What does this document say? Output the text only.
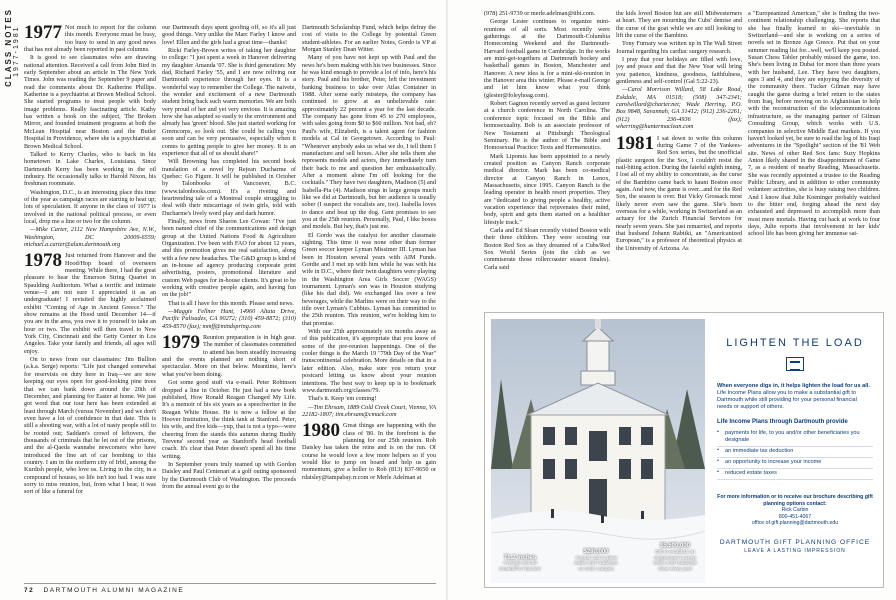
CLASS NOTES 1977-1981 1977 Not much to report for the column this month. Everyone must be busy, too busy to send in any good news that has not already been reported in past columns.

It is good to see classmates who are drawing national attention. Received a call from John Bird in early September about an article in The New York Times. John was reading the September 9 paper and read the comments about Dr. Katherine Phillips. Katherine is a psychiatrist at Brown Medical School. She started programs to treat people with body image problems. Really fascinating article. Kathy has written a book on the subject, The Broken Mirror, and founded treatment programs at both the McLean Hospital near Boston and the Butler Hospital in Providence, where she is a psychiatrist at Brown Medical School.

Talked to Kerry Charles, who is back in his hometown in Lake Charles, Louisiana. Since Dartmouth Kerry has been working in the oil industry. He occasionally talks to Harold Nixon, his freshman roommate.

Washington, D.C., is an interesting place this time of the year as campaign races are starting to heat up; lots of speculation. If anyone in the class of 1977 is involved in the national political process, or even local, drop me a line or two for the column.

—Mike Carter, 2112 New Hampshire Ave, N.W., Washington, DC 20009-6559; michael.a.carter@alum.dartmouth.org

1978 Just returned from Hanover and the Hood/Hop board of overseers meeting. While there, I had the great pleasure to hear the Emerson String Quartet in Spaulding Auditorium. What a terrific and intimate venue—I am not sure I appreciated it as an undergraduate! I revisited the highly acclaimed exhibit "Coming of Age in Ancient Greece." The show remains at the Hood until December 14—if you are in the area, you owe it to yourself to take an hour or two. The exhibit will then travel to New York City, Cincinnati and the Getty Center in Los Angeles. Take your family and friends, all ages will enjoy.

On to news from our classmates: Jim Bullion (a.k.a. Serge) reports: "Life just changed somewhat for reservists on duty here in Iraq—we are now keeping our eyes open for good-looking pine trees that we can bank down around the 20th of December, and planning for Easter at home. We just got word that our tour here has been extended at least through March (versus November) and we don't even have a lot of confidence in that date. This is still a shooting war, with a lot of nasty people still to be rooted out; Saddam's crowd of leftovers, the thousands of criminals that he let out of the prisons, and the al-Qaeda wannabe newcomers who have introduced the fine art of car bombing to this country. I am in the northern city of Irbil, among the Kurdish people, who love us. Living in the city, in a compound of houses, so life isn't too bad. I was sure sorry to miss reunion, but, from what I hear, it was sort of like a funeral for

our Dartmouth days spent goofing off, so it's all just good things. Very unlike the Marc Farley I know and love! Ellen and the girls had a great time—thanks!

Ricki Farley-Brown writes of taking her daughter to college: "I just spent a week in Hanover delivering my daughter Amanda '07. She is third generation: My dad, Richard Farley '55, and I are now reliving our Dartmouth experience through her eyes. It is a wonderful way to remember the College. The naivete, the wonder and excitement of a new Dartmouth student bring back such warm memories. We are both very proud of her and yet very envious. It is amazing how she has adapted so easily to the environment and already has 'green' blood. She just started working for Greencorps, so look out. She could be calling you soon and can be very persuasive, especially when it comes to getting people to give her money. It is an experience that all of us should share!"

Will Browning has completed his second book translation of a novel by Rejean Ducharme of Quebec: Go Figure. It will be published in October by Talonbooks of Vancouver, B.C. (www.talonbooks.com). It's a riveting and heartrending tale of a Montreal couple struggling to deal with their miscarriage of twin girls, told with Ducharme's lively word play and dark humor.

Finally, news from Sharon Lee Cowan: "I've just been named chief of the communications and design group at the United Nations Food & Agriculture Organization. I've been with FAO for about 12 years, and this promotion gives me real satisfaction, along with a few new headaches. The G&D group is kind of an in-house ad agency producing corporate print advertising, posters, promotional literature and custom Web pages for in-house clients. It's great to be working with creative people again, and having fun on the job!"

That is all I have for this month. Please send news.

—Maggie Fellner Hunt, 14960 Altata Drive, Pacific Palisades, CA 90272; (310) 459-8872; (310) 459-8570 (fax); mmff@mindspring.com

1979 Reunion preparation is in high gear. The number of classmates committed to attend has been steadily increasing and the events planned are nothing short of spectacular. More on that below. Meantime, here's what you've been doing.

Got some good stuff via e-mail. Peter Robinson dropped a line in October. He just had a new book published, How Ronald Reagan Changed My Life. It's a memoir of his six years as a speechwriter in the Reagan White House. He is now a fellow at the Hoover Institution, the think tank at Stanford. Peter, his wife, and five kids—yup, that is not a typo—were cheering from the stands this autumn during Buddy Teevens' second year as Stanford's head football coach. It's clear that Peter doesn't spend all his time writing.

In September yours truly teamed up with Gordon Daisley and Paul Centenari at a golf outing sponsored by the Dartmouth Club of Washington. The proceeds from the annual event go to the

Dartmouth Scholarship Fund, which helps defray the cost of visits to the College by potential Green student-athletes. For an earlier Notes, Gordo is VP at Morgan Stanley Dean Witter.

Many of you have not kept up with Paul and the news he's been making with his two businesses. Since he was kind enough to provide a lot of info, here's his story. Paul and his brother, Peter, left the investment banking business to take over Atlas Container in 1988. After some early missteps, the company has continued to grow at an unbelievable rate: approximately 22 percent a year for the last decade. The company has gone from 45 to 270 employees, with sales going from $0 to $60 million. Not bad, eh? Paul's wife, Elizabeth, is a talent agent for fashion models at Cal in Georgetown. According to Paul: "Whenever anybody asks us what we do, I tell them I manufacture and sell boxes. After she tells them she represents models and actors, they immediately turn their back to me and question her enthusiastically. After a moment alone I'm off looking for the cocktails." They have two daughters, Madison (5) and Isabella-Pia (4). Madison sings in large groups much like we did at Dartmouth, but her audience is usually sober (I suspect the vocalists are, too). Isabella loves to dance and beat up the dog. Gent promises to see you at the 25th reunion. Personally, Paul, I like boxes and models. But hey, that's just me.

El Gordo was the catalyst for another classmate sighting. This time it was none other than former Green soccer keeper Lyman Missimer III. Lyman has been in Houston several years with AIM Funds. Gordie and I met up with him while he was with his wife in D.C., where their twin daughters were playing in the Washington Area Girls Soccer (WAGS) tournament. Lyman's son was in Houston studying (like his dad did). We exchanged lies over a few beverages, while the Marlins were on their way to the title over Lyman's Cubbies. Lyman has committed to the 25th reunion. This reunion, we're holding him to that promise.

With our 25th approximately six months away as of this publication, it's appropriate that you know of some of the pre-reunion happenings. One of the cooler things is the March 19 "79th Day of the Year" transcontinental celebration. More details on that in a later edition. Also, make sure you return your postcard letting us know about your reunion intentions. The best way to keep up is to bookmark www.dartmouth.org/classes/79.

That's it. Keep 'em coming!

—Tim Ehrsam, 1889 Cold Creek Court, Vienna, VA 22182-1807; tim.ehrsam@cmuck.com

1980 Great things are happening with the class of '80. In the forefront is the planning for our 25th reunion. Rob Daisley has taken the reins and is on the run. Of course he would love a few more helpers so if you would like to jump on board and help us gain momentum, give a holler to Rob (813) 837-9650 or rdaisley@tampabay.rr.com or Merle Adelman at

72 DARTMOUTH ALUMNI MAGAZINE

(978) 251-9739 or merle.adelman@ttbi.com.

George Lester continues to organize mini-reunions of all sorts. Most recently were gatherings at the Dartmouth-Columbia Homecoming Weekend and the Dartmouth-Harvard football game in Cambridge. In the works are mini-get-togethers at Dartmouth hockey and basketball games in Boston, Manchester and Hanover. A new idea is for a mini-ski-reunion in the Hanover area this winter. Please e-mail George and let him know what you think (glester@foleyhoag.com).

Robert Gagnon recently served as guest lecturer at a church conference in North Carolina. The conference topic focused on the Bible and homosexuality. Bob is an associate professor of New Testament at Pittsburgh Theological Seminary. He is the author of The Bible and Homosexual Practice: Texts and Hermeneutics.

Mark Lipomis has been appointed to a newly created position as Canyon Ranch corporate medical director. Mark has been co-medical director at Canyon Ranch in Lenox, Massachusetts, since 1995. Canyon Ranch is the leading operator in health resort properties. They are "dedicated to giving people a healthy, active vacation experience that rejuvenates their mind, body, spirit and gets them started on a healthier lifestyle track."

Carla and Ed Sloan recently visited Boston with their three children. They were scouting our Boston Red Sox as they dreamed of a Cubs/Red Sox World Series (join the club as we commiserate those rollercoaster season finales). Carla said

the kids loved Boston but are still Midwesterners at heart. They are mourning the Cubs' demise and the curse of the goat while we are still looking to lift the curse of the Bambino.

Tony Furnary was written up in The Wall Street Journal regarding his cardiac surgery research.

I pray that your holidays are filled with love, joy and peace and that the New Year will bring you patience, kindness, goodness, faithfulness, gentleness and self-control (Gal 5:22-23).

—Carol Morrison Willard, 58 Lake Road, Eskdale, MA 01518; (508) 347-2341; carolwillard@charter.net; Wade Herring, P.O. Box 9848, Savannah, GA 31412; (912) 236-2261; (912) 236-4936 (fax); wherring@huntermaclean.com

1981 I sat down to write this column during Game 7 of the Yankees-Red Sox series, but the unofficial plastic surgeon for the Sox, I couldn't resist the nail-biting action. During the fateful eighth inning, I lost all of my ability to concentrate, as the curse of the Bambino came back to haunt Boston once again. And now, the game is over...and for the Red Sox, the season is over. But Vicky Grossack most likely never even saw the game. She's been overseas for a while, working in Switzerland as an actuary for the Zurich Financial Services for nearly seven years. She just remarried, and reports that husband Johann Rabitki, an "Americanized European," is a professor of theoretical physics at the University of Arizona. As

a "Europeanized American," she is finding the two-continent relationship challenging. She reports that she has finally learned to ski—inevitable in Switzerland—and she is working on a series of novels set in Bronze Age Greece. Put that on your summer reading list for...well, we'll keep you posted. Susan Chess Tabler probably missed the game, too. She's been living in Dubai for more than three years with her husband, Lee. They have two daughters, ages 3 and 4, and they are enjoying the diversity of the community there. Tucker Gilman may have caught the game during a brief return to the states from Iraq, before moving on to Afghanistan to help with the reconstruction of the telecommunications infrastructure, as the managing partner of Gilman Consulting Group, which works with U.S. companies in selective Middle East markets. If you haven't looked yet, be sure to read the log of his Iraqi adventures in the "Spotlight" section of the '81 Web site. News of other Red Sox fans: Suzy Hopkins Anton likely shared in the disappointment of Game 7, as a resident of nearby Reading, Massachusetts. She was recently appointed a trustee to the Reading Public Library, and in addition to other community volunteer activities, she is busy raising two children. And I know that Julie Koeninger probably watched to the bitter end, forging ahead the next day exhausted and depressed to accomplish more than most mere mortals. Having cut back at work to four days, Julie reports that involvement in her kids' school life has been giving her immense sat-

71.2 inches
Average annual snowfall in Hanover
$280,000
Annual cost to plow walks and roadways on main campus
$5,600,000
Gift to establish an endowment to keep walks and roadways clear every year
LIGHTEN THE LOAD

When everyone digs in, it helps lighten the load for us all. Life Income Plans allow you to make a substantial gift to Dartmouth while still providing for your personal financial needs or support of others.

Life Income Plans through Dartmouth provide

• payments for life, to you and/or other beneficiaries you designate
• an immediate tax deduction
• an opportunity to increase your income
• reduced estate taxes
For more information or to receive our brochure describing gift planning options contact:
Rick Carbin
800-451-4067
office.of.gift.planning@dartmouth.edu
DARTMOUTH GIFT PLANNING OFFICE
LEAVE A LASTING IMPRESSION
